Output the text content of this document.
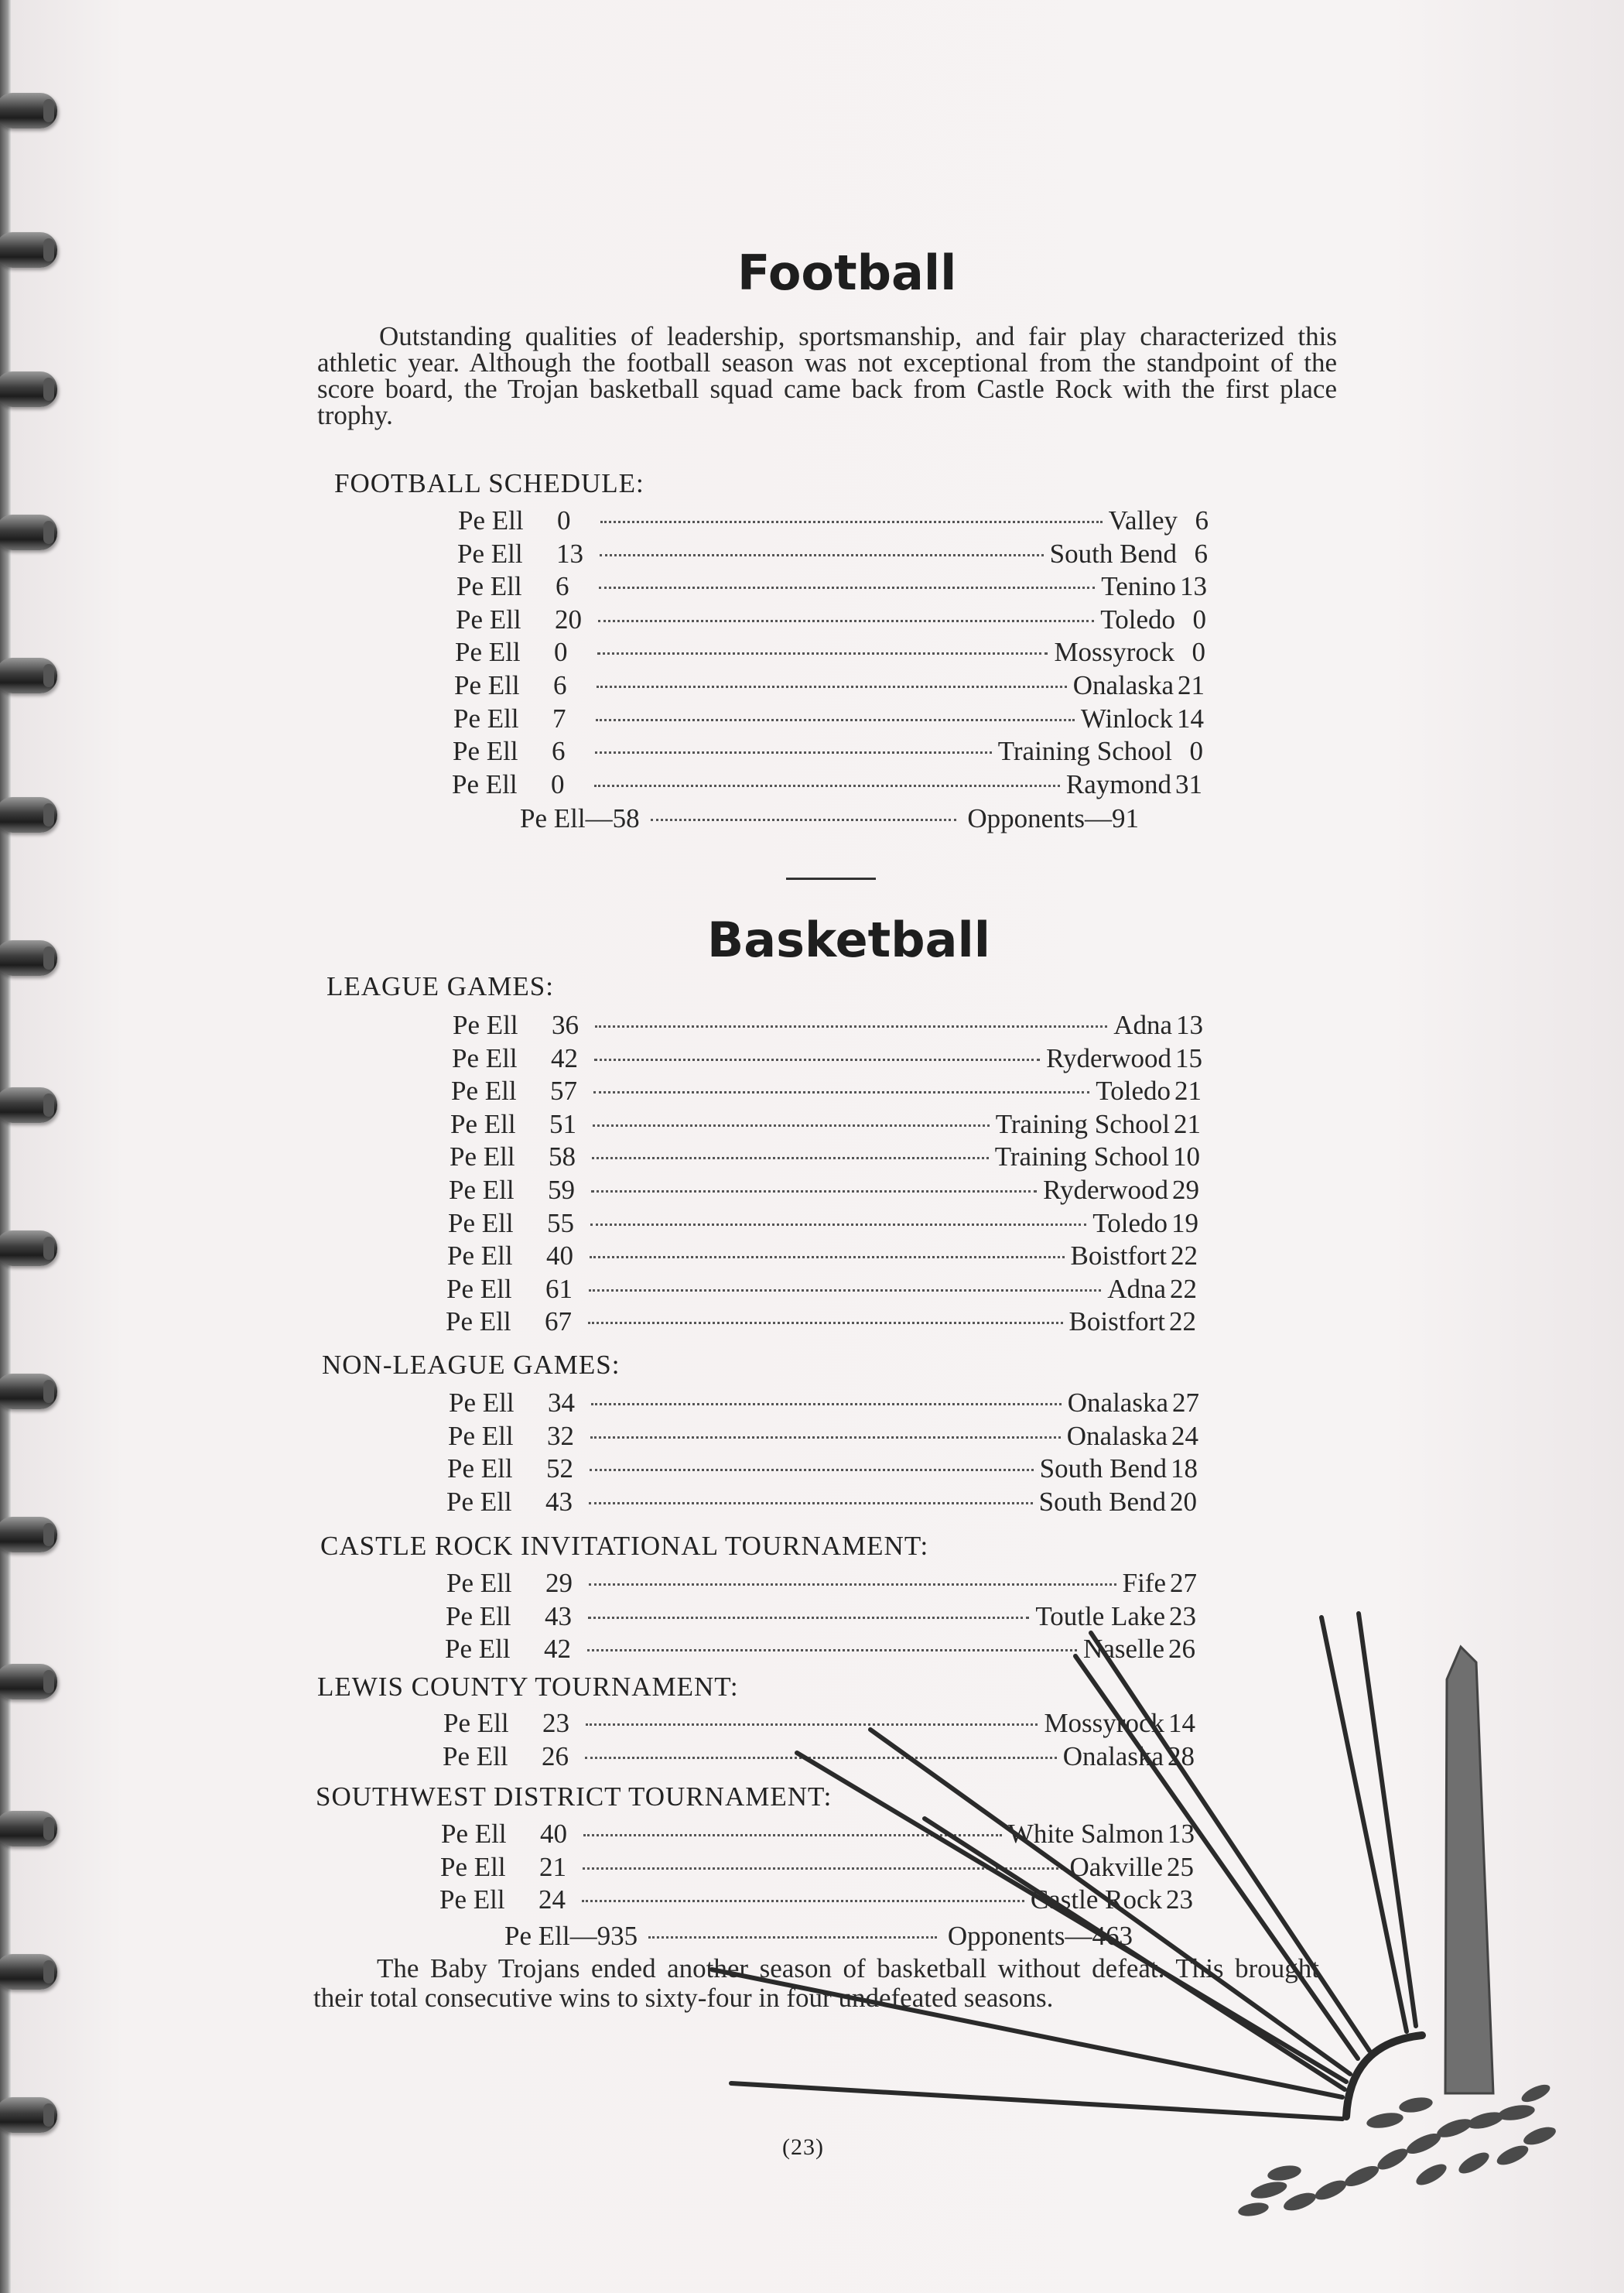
Football

Outstanding qualities of leadership, sportsmanship, and fair play characterized this athletic year. Although the football season was not exceptional from the standpoint of the score board, the Trojan basketball squad came back from Castle Rock with the first place trophy.

FOOTBALL SCHEDULE:
Pe Ell	0	Valley 6
Pe Ell	13	South Bend 6
Pe Ell	6	Tenino 13
Pe Ell	20	Toledo 0
Pe Ell	0	Mossyrock 0
Pe Ell	6	Onalaska 21
Pe Ell	7	Winlock 14
Pe Ell	6	Training School 0
Pe Ell	0	Raymond 31
Pe Ell—58	Opponents—91
Basketball
LEAGUE GAMES:
Pe Ell	36	Adna 13
Pe Ell	42	Ryderwood 15
Pe Ell	57	Toledo 21
Pe Ell	51	Training School 21
Pe Ell	58	Training School 10
Pe Ell	59	Ryderwood 29
Pe Ell	55	Toledo 19
Pe Ell	40	Boistfort 22
Pe Ell	61	Adna 22
Pe Ell	67	Boistfort 22
NON-LEAGUE GAMES:
Pe Ell	34	Onalaska 27
Pe Ell	32	Onalaska 24
Pe Ell	52	South Bend 18
Pe Ell	43	South Bend 20
CASTLE ROCK INVITATIONAL TOURNAMENT:
Pe Ell	29	Fife 27
Pe Ell	43	Toutle Lake 23
Pe Ell	42	Naselle 26
LEWIS COUNTY TOURNAMENT:
Pe Ell	23	Mossyrock 14
Pe Ell	26	Onalaska 28
SOUTHWEST DISTRICT TOURNAMENT:
Pe Ell	40	White Salmon 13
Pe Ell	21	Oakville 25
Pe Ell	24	Castle Rock 23
Pe Ell—935	Opponents—463

The Baby Trojans ended another season of basketball without defeat. This brought their total consecutive wins to sixty-four in four undefeated seasons.

(23)
